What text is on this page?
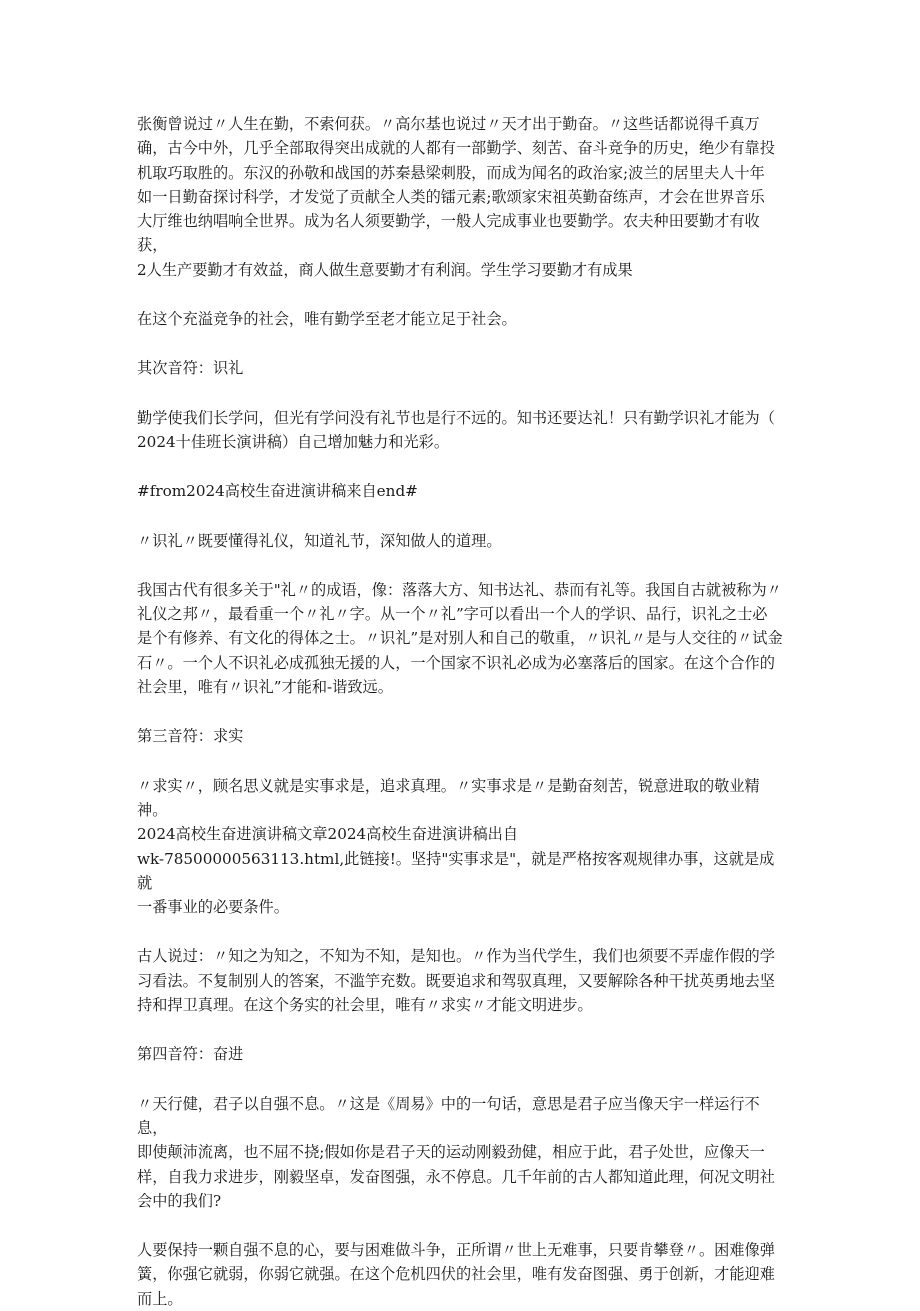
张衡曾说过〃人生在勤，不索何获。〃高尔基也说过〃天才出于勤奋。〃这些话都说得千真万
确，古今中外，几乎全部取得突出成就的人都有一部勤学、刻苦、奋斗竞争的历史，绝少有靠投
机取巧取胜的。东汉的孙敬和战国的苏秦悬梁刺股，而成为闻名的政治家;波兰的居里夫人十年
如一日勤奋探讨科学，才发觉了贡献全人类的镭元素;歌颂家宋祖英勤奋练声，才会在世界音乐
大厅维也纳唱响全世界。成为名人须要勤学，一般人完成事业也要勤学。农夫种田要勤才有收获，
2人生产要勤才有效益，商人做生意要勤才有利润。学生学习要勤才有成果

在这个充溢竞争的社会，唯有勤学至老才能立足于社会。

其次音符：识礼

勤学使我们长学问，但光有学问没有礼节也是行不远的。知书还要达礼！只有勤学识礼才能为（
2024十佳班长演讲稿）自己增加魅力和光彩。

#from2024高校生奋进演讲稿来自end#

〃识礼〃既要懂得礼仪，知道礼节，深知做人的道理。

我国古代有很多关于"礼〃的成语，像：落落大方、知书达礼、恭而有礼等。我国自古就被称为〃
礼仪之邦〃，最看重一个〃礼〃字。从一个〃礼”字可以看出一个人的学识、品行，识礼之士必
是个有修养、有文化的得体之士。〃识礼”是对别人和自己的敬重，〃识礼〃是与人交往的〃试金
石〃。一个人不识礼必成孤独无援的人，一个国家不识礼必成为必塞落后的国家。在这个合作的
社会里，唯有〃识礼”才能和-谐致远。

第三音符：求实

〃求实〃，顾名思义就是实事求是，追求真理。〃实事求是〃是勤奋刻苦，锐意进取的敬业精神。
2024高校生奋进演讲稿文章2024高校生奋进演讲稿出自
wk-78500000563113.html,此链接!。坚持"实事求是"，就是严格按客观规律办事，这就是成就
一番事业的必要条件。

古人说过：〃知之为知之，不知为不知，是知也。〃作为当代学生，我们也须要不弄虚作假的学
习看法。不复制别人的答案，不滥竽充数。既要追求和驾驭真理，又要解除各种干扰英勇地去坚
持和捍卫真理。在这个务实的社会里，唯有〃求实〃才能文明进步。

第四音符：奋进

〃天行健，君子以自强不息。〃这是《周易》中的一句话，意思是君子应当像天宇一样运行不息，
即使颠沛流离，也不屈不挠;假如你是君子天的运动刚毅劲健，相应于此，君子处世，应像天一
样，自我力求进步，刚毅坚卓，发奋图强，永不停息。几千年前的古人都知道此理，何况文明社
会中的我们?

人要保持一颗自强不息的心，要与困难做斗争，正所谓〃世上无难事，只要肯攀登〃。困难像弹
簧，你强它就弱，你弱它就强。在这个危机四伏的社会里，唯有发奋图强、勇于创新，才能迎难
而上。
